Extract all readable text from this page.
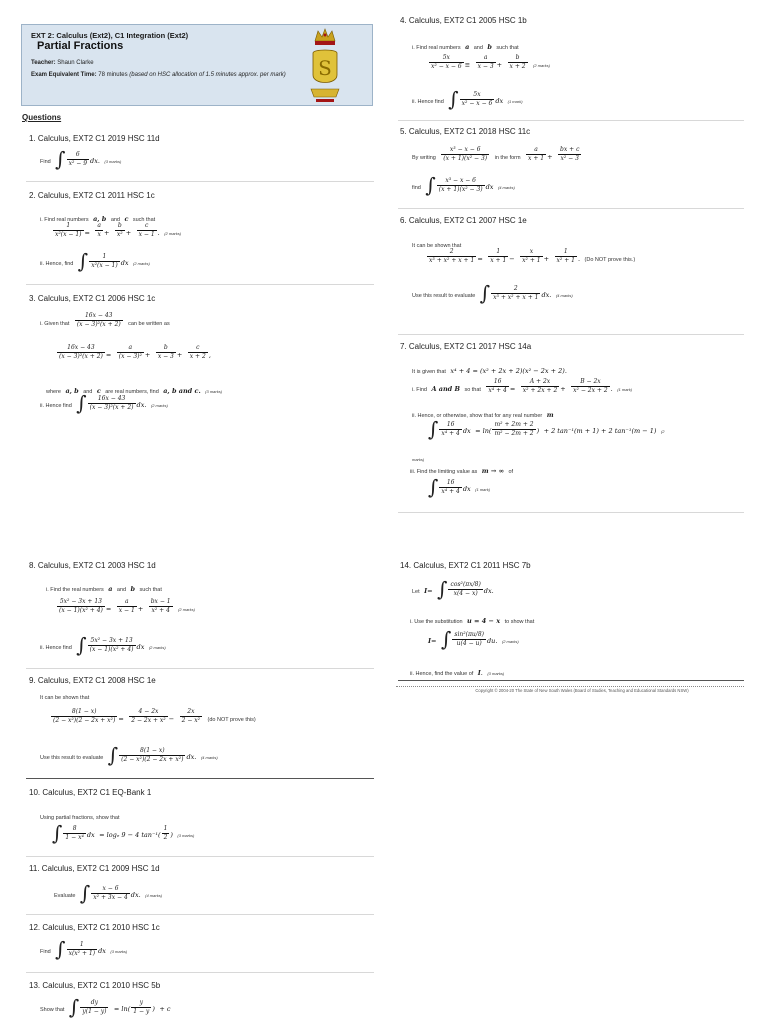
EXT 2: Calculus (Ext2), C1 Integration (Ext2)
Partial Fractions
Teacher: Shaun Clarke
Exam Equivalent Time: 78 minutes (based on HSC allocation of 1.5 minutes approx. per mark)	S
Questions
1. Calculus, EXT2 C1 2019 HSC 11d
Find ∫ $\frac{6}{\text{x² − 9}}$ dx. (3 marks)
2. Calculus, EXT2 C1 2011 HSC 1c
i. Find real numbers a, b and c such that
$\frac{1}{\text{x²(x − 1)}} = \frac{a}{x} + \frac{b}{\text{x²}} + \frac{c}{x - 1}$ . (2 marks)
ii. Hence, find ∫ $\frac{1}{\text{x²(x − 1)}}$ dx (2 marks)
3. Calculus, EXT2 C1 2006 HSC 1c
i. Given that $\frac{16x - 43}{\text{(x − 3)²(x + 2)}}$ can be written as
$\frac{16x - 43}{\text{(x − 3)²(x + 2)}} = \frac{a}{\text{(x − 3)²}} + \frac{b}{x - 3} + \frac{c}{x + 2}$ ,
where a, b and c are real numbers, find a, b and c. (3 marks)
ii. Hence find ∫ $\frac{16x - 43}{\text{(x − 3)²(x + 2)}}$ dx. (2 marks)
8. Calculus, EXT2 C1 2003 HSC 1d
i. Find the real numbers a and b such that
$\frac{\text{5x² − 3x + 13}}{\text{(x − 1)(x² + 4)}} = \frac{a}{x - 1} + \frac{bx - 1}{\text{x² + 4}} (2$ marks)
ii. Hence find ∫ $\frac{\text{5x² − 3x + 13}}{\text{(x − 1)(x² + 4)}}$ dx (2 marks)
9. Calculus, EXT2 C1 2008 HSC 1e
It can be shown that
$\frac{8(1 - x)}{\text{(2 − x²)(2 − 2x + x²)}} = \frac{4 - 2x}{\text{2 − 2x + x²}} - \frac{2x}{\text{2 − x²}} (do$ NOT prove this)
Use this result to evaluate ∫ $\frac{8(1 - x)}{\text{(2 − x²)(2 − 2x + x²)}}$ dx. (4 marks)
10. Calculus, EXT2 C1 EQ-Bank 1
Using partial fractions, show that
∫ $\frac{8}{\text{1 − x⁴}}$ dx = logₑ 9 − 4 $\tan^{-1}( \frac{1}{2}$ ) (3 marks)
11. Calculus, EXT2 C1 2009 HSC 1d
Evaluate ∫ $\frac{x - 6}{\text{x² + 3x − 4}}$ dx. (4 marks)
12. Calculus, EXT2 C1 2010 HSC 1c
Find ∫ $\frac{1}{\text{x(x² + 1)}}$ dx (3 marks)
13. Calculus, EXT2 C1 2010 HSC 5b
Show that ∫ $\frac{dy}{y(1 - y)} = \ln( \frac{y}{1 - y}$ ) + c
4. Calculus, EXT2 C1 2005 HSC 1b
i. Find real numbers a and b such that
$\frac{5x}{\text{x² − x − 6}} \equiv \frac{a}{x - 3} + \frac{b}{x + 2} (2$ marks)
ii. Hence find ∫ $\frac{5x}{\text{x² − x − 6}}$ dx (1 mark)
5. Calculus, EXT2 C1 2018 HSC 11c
By writing $\frac{\text{x³ − x − 6}}{\text{(x + 1)(x² − 3)}}$ in the form $\frac{a}{x + 1} + \frac{bx + c}{\text{x² − 3}}$
find ∫ $\frac{\text{x³ − x − 6}}{\text{(x + 1)(x² − 3)}}$ dx (4 marks)
6. Calculus, EXT2 C1 2007 HSC 1e
It can be shown that
$\frac{2}{\text{x³ + x² + x + 1}} = \frac{1}{x + 1} - \frac{x}{\text{x² + 1}} + \frac{1}{\text{x² + 1}}$ . (Do NOT prove this.)
Use this result to evaluate ∫ $\frac{2}{\text{x³ + x² + x + 1}}$ dx. (4 marks)
7. Calculus, EXT2 C1 2017 HSC 14a
It is given that x⁴ + 4 = (x² + 2x + 2)(x² − 2x + 2).
i. Find A and B so that $\frac{16}{\text{x⁴ + 4}} = \frac{A + 2x}{\text{x² + 2x + 2}} + \frac{B - 2x}{\text{x² − 2x + 2}}$ . (1 mark)
ii. Hence, or otherwise, show that for any real number m
∫ $\frac{16}{\text{x⁴ + 4}}$ dx = $\ln( \frac{\text{m² + 2m + 2}}{\text{m² − 2m + 2}}$ ) + 2 tan⁻¹(m + 1) + 2 tan⁻¹(m − 1) (2
marks)
iii. Find the limiting value as m → ∞ of
∫ $\frac{16}{\text{x⁴ + 4}}$ dx (1 mark)
14. Calculus, EXT2 C1 2011 HSC 7b
Let I= ∫ $\frac{\text{cos²(πx/8)}}{x(4 - x)}$ dx.
i. Use the substitution u = 4 − x to show that
I= ∫ $\frac{\text{sin²(πu/8)}}{u(4 - u)}$ du. (2 marks)
ii. Hence, find the value of I. (3 marks)
Copyright © 2004-20 The State of New South Wales (Board of Studies, Teaching and Educational Standards NSW)
